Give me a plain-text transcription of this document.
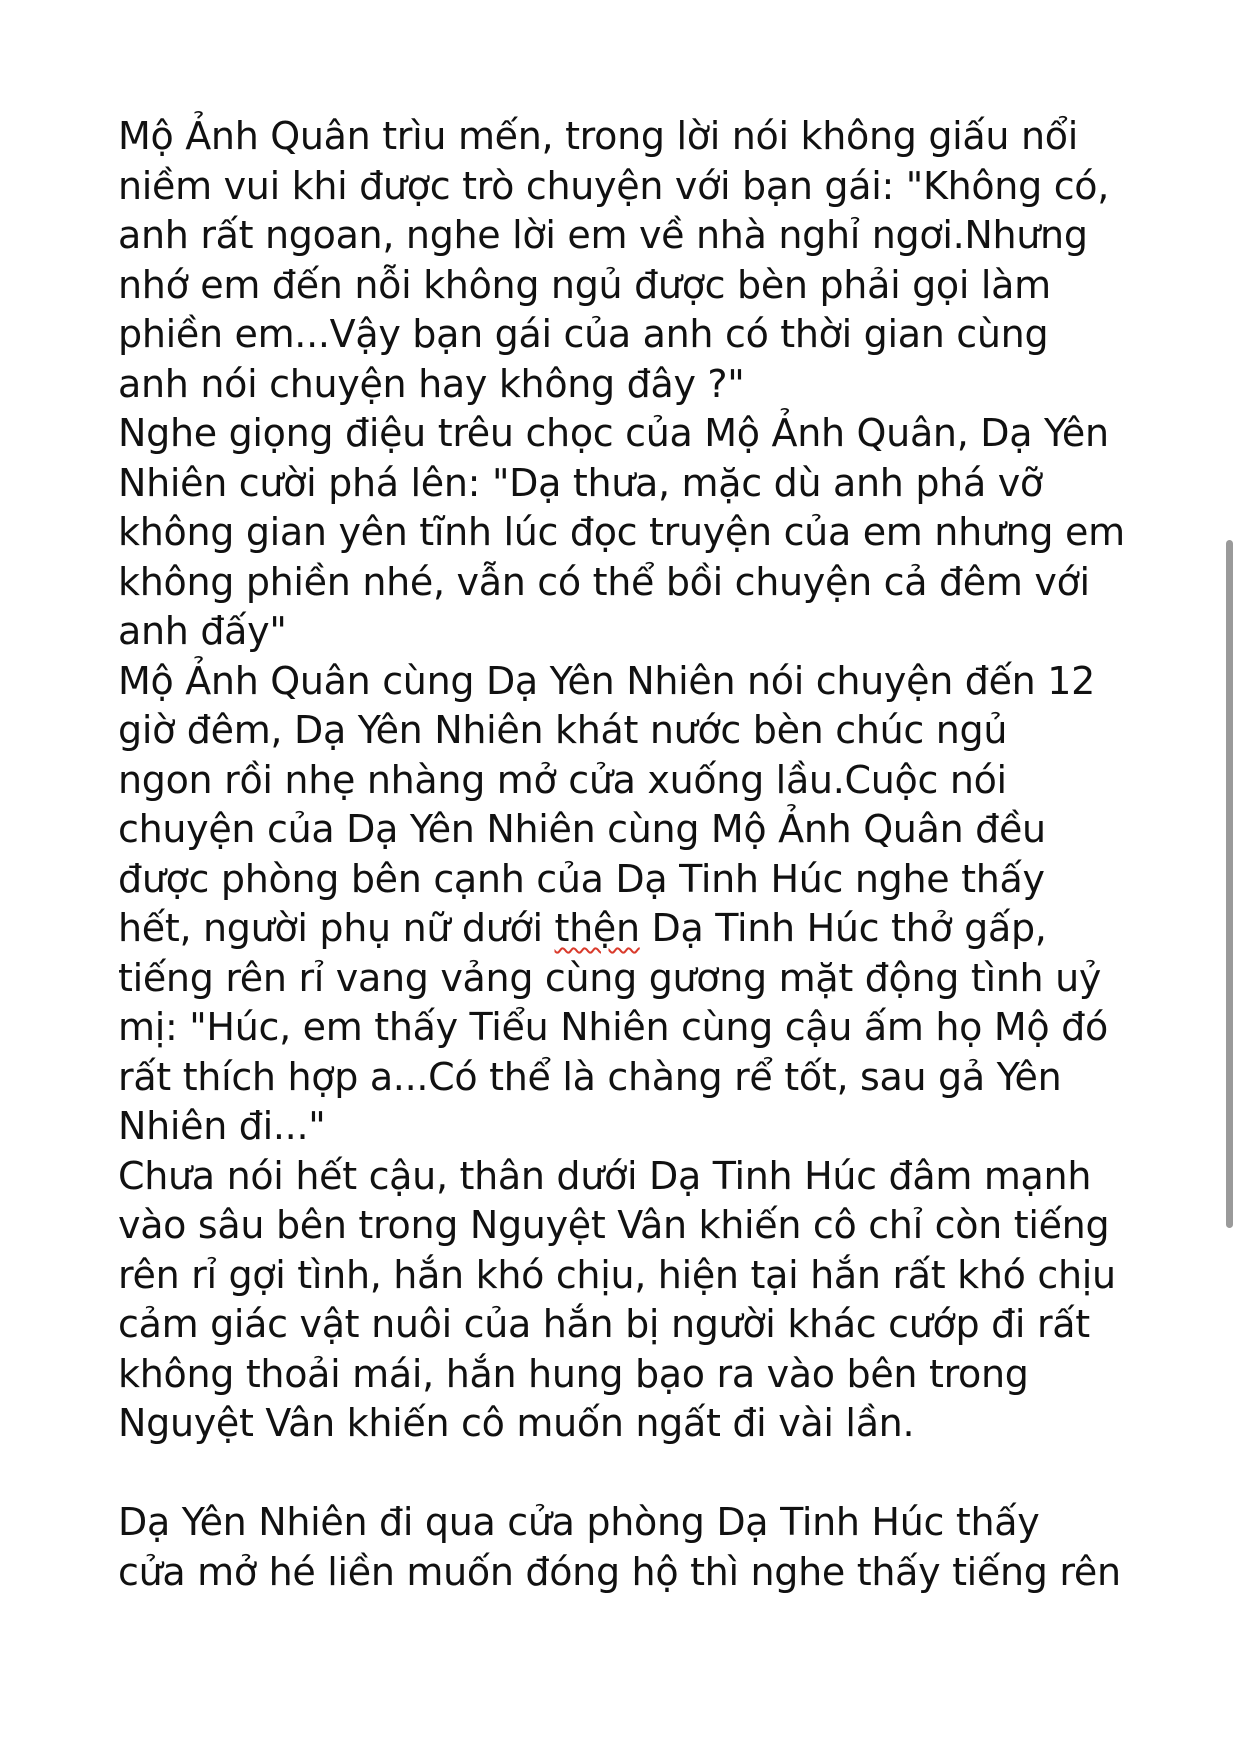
Mộ Ảnh Quân trìu mến, trong lời nói không giấu nổi
niềm vui khi được trò chuyện với bạn gái: "Không có,
anh rất ngoan, nghe lời em về nhà nghỉ ngơi.Nhưng
nhớ em đến nỗi không ngủ được bèn phải gọi làm
phiền em...Vậy bạn gái của anh có thời gian cùng
anh nói chuyện hay không đây ?"
Nghe giọng điệu trêu chọc của Mộ Ảnh Quân, Dạ Yên
Nhiên cười phá lên: "Dạ thưa, mặc dù anh phá vỡ
không gian yên tĩnh lúc đọc truyện của em nhưng em
không phiền nhé, vẫn có thể bồi chuyện cả đêm với
anh đấy"
Mộ Ảnh Quân cùng Dạ Yên Nhiên nói chuyện đến 12
giờ đêm, Dạ Yên Nhiên khát nước bèn chúc ngủ
ngon rồi nhẹ nhàng mở cửa xuống lầu.Cuộc nói
chuyện của Dạ Yên Nhiên cùng Mộ Ảnh Quân đều
được phòng bên cạnh của Dạ Tinh Húc nghe thấy
hết, người phụ nữ dưới thện Dạ Tinh Húc thở gấp,
tiếng rên rỉ vang vảng cùng gương mặt động tình uỷ
mị: "Húc, em thấy Tiểu Nhiên cùng cậu ấm họ Mộ đó
rất thích hợp a...Có thể là chàng rể tốt, sau gả Yên
Nhiên đi..."
Chưa nói hết cậu, thân dưới Dạ Tinh Húc đâm mạnh
vào sâu bên trong Nguyệt Vân khiến cô chỉ còn tiếng
rên rỉ gợi tình, hắn khó chịu, hiện tại hắn rất khó chịu
cảm giác vật nuôi của hắn bị người khác cướp đi rất
không thoải mái, hắn hung bạo ra vào bên trong
Nguyệt Vân khiến cô muốn ngất đi vài lần.
Dạ Yên Nhiên đi qua cửa phòng Dạ Tinh Húc thấy
cửa mở hé liền muốn đóng hộ thì nghe thấy tiếng rên
